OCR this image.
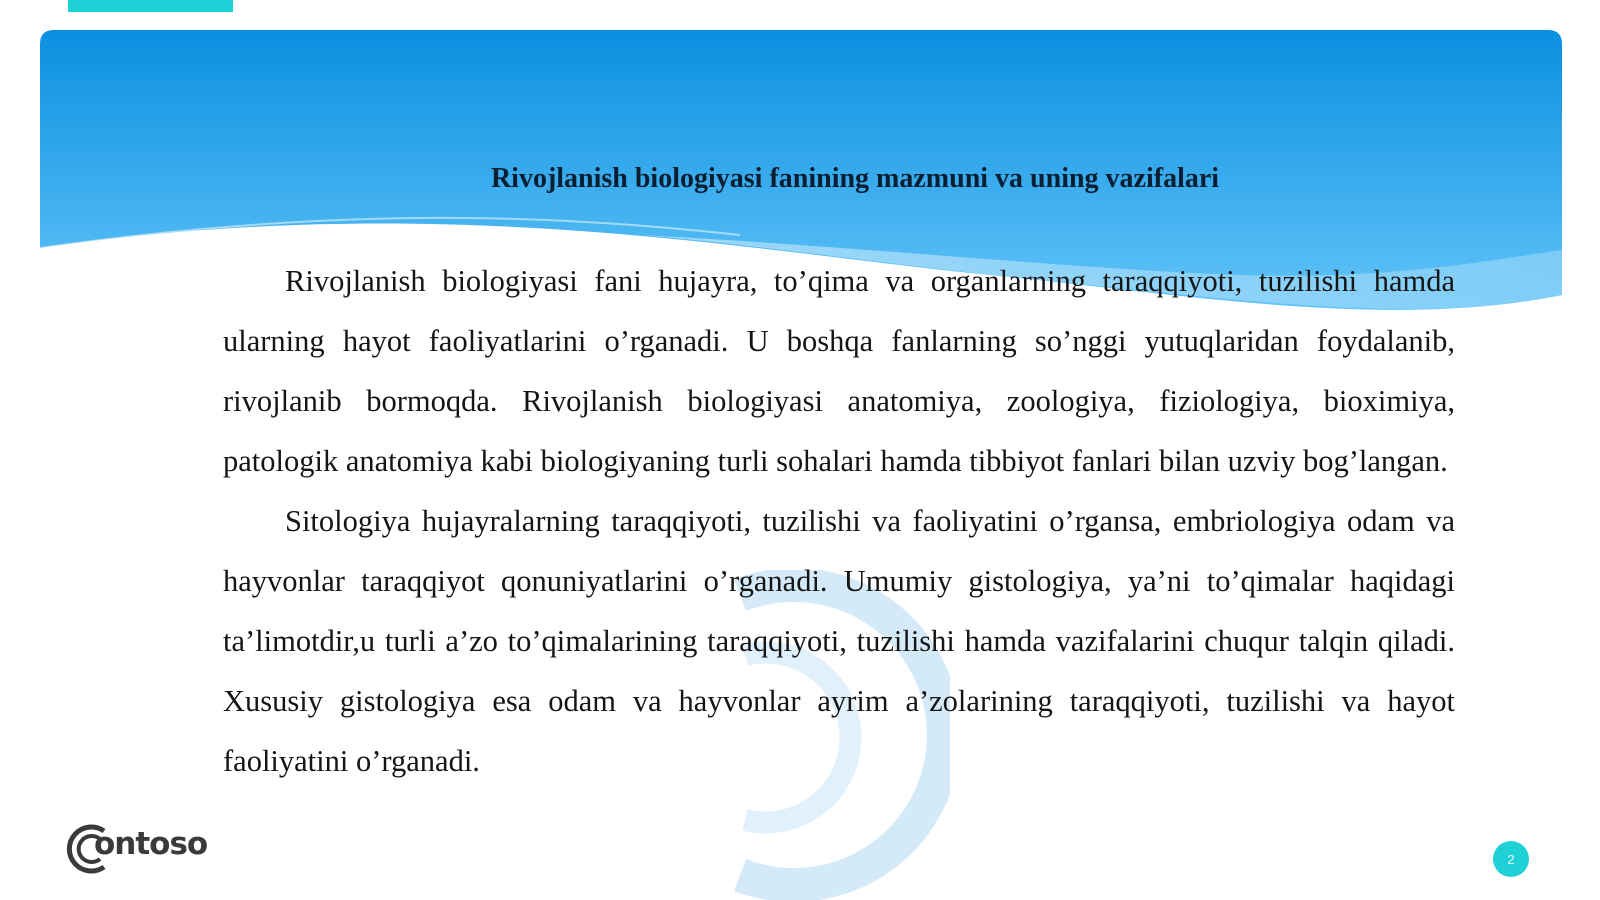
Rivojlanish biologiyasi fanining mazmuni va uning vazifalari

Rivojlanish biologiyasi fani hujayra, to’qima va organlarning taraqqiyoti, tuzilishi hamda ularning hayot faoliyatlarini o’rganadi. U boshqa fanlarning so’nggi yutuqlaridan foydalanib, rivojlanib bormoqda. Rivojlanish biologiyasi anatomiya, zoologiya, fiziologiya, bioximiya, patologik anatomiya kabi biologiyaning turli sohalari hamda tibbiyot fanlari bilan uzviy bog’langan.

Sitologiya hujayralarning taraqqiyoti, tuzilishi va faoliyatini o’rgansa, embriologiya odam va hayvonlar taraqqiyot qonuniyatlarini o’rganadi. Umumiy gistologiya, ya’ni to’qimalar haqidagi ta’limotdir,u turli a’zo to’qimalarining taraqqiyoti, tuzilishi hamda vazifalarini chuqur talqin qiladi. Xususiy gistologiya esa odam va hayvonlar ayrim a’zolarining taraqqiyoti, tuzilishi va hayot faoliyatini o’rganadi.

ontoso	2
